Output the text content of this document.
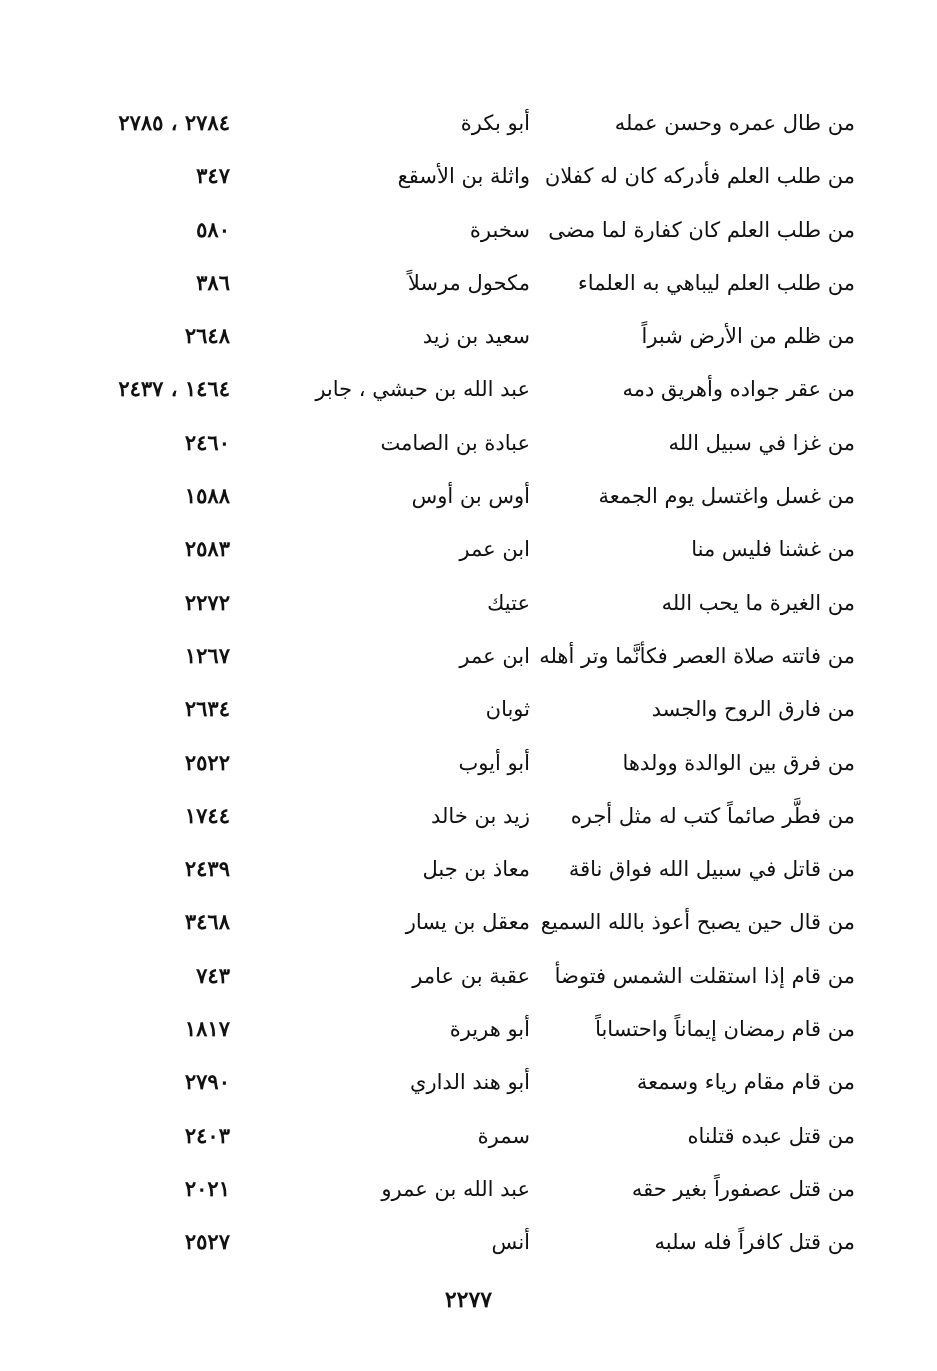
من طال عمره وحسن عمله
أبو بكرة
٢٧٨٤ ، ٢٧٨٥
من طلب العلم فأدركه كان له كفلان
واثلة بن الأسقع
٣٤٧
من طلب العلم كان كفارة لما مضى
سخبرة
٥٨٠
من طلب العلم ليباهي به العلماء
مكحول مرسلاً
٣٨٦
من ظلم من الأرض شبراً
سعيد بن زيد
٢٦٤٨
من عقر جواده وأهريق دمه
عبد الله بن حبشي ، جابر
١٤٦٤ ، ٢٤٣٧
من غزا في سبيل الله
عبادة بن الصامت
٢٤٦٠
من غسل واغتسل يوم الجمعة
أوس بن أوس
١٥٨٨
من غشنا فليس منا
ابن عمر
٢٥٨٣
من الغيرة ما يحب الله
عتيك
٢٢٧٢
من فاتته صلاة العصر فكأنَّما وتر أهله
ابن عمر
١٢٦٧
من فارق الروح والجسد
ثوبان
٢٦٣٤
من فرق بين الوالدة وولدها
أبو أيوب
٢٥٢٢
من فطَّر صائماً كتب له مثل أجره
زيد بن خالد
١٧٤٤
من قاتل في سبيل الله فواق ناقة
معاذ بن جبل
٢٤٣٩
من قال حين يصبح أعوذ بالله السميع
معقل بن يسار
٣٤٦٨
من قام إذا استقلت الشمس فتوضأ
عقبة بن عامر
٧٤٣
من قام رمضان إيماناً واحتساباً
أبو هريرة
١٨١٧
من قام مقام رياء وسمعة
أبو هند الداري
٢٧٩٠
من قتل عبده قتلناه
سمرة
٢٤٠٣
من قتل عصفوراً بغير حقه
عبد الله بن عمرو
٢٠٢١
من قتل كافراً فله سلبه
أنس
٢٥٢٧
٢٢٧٧
